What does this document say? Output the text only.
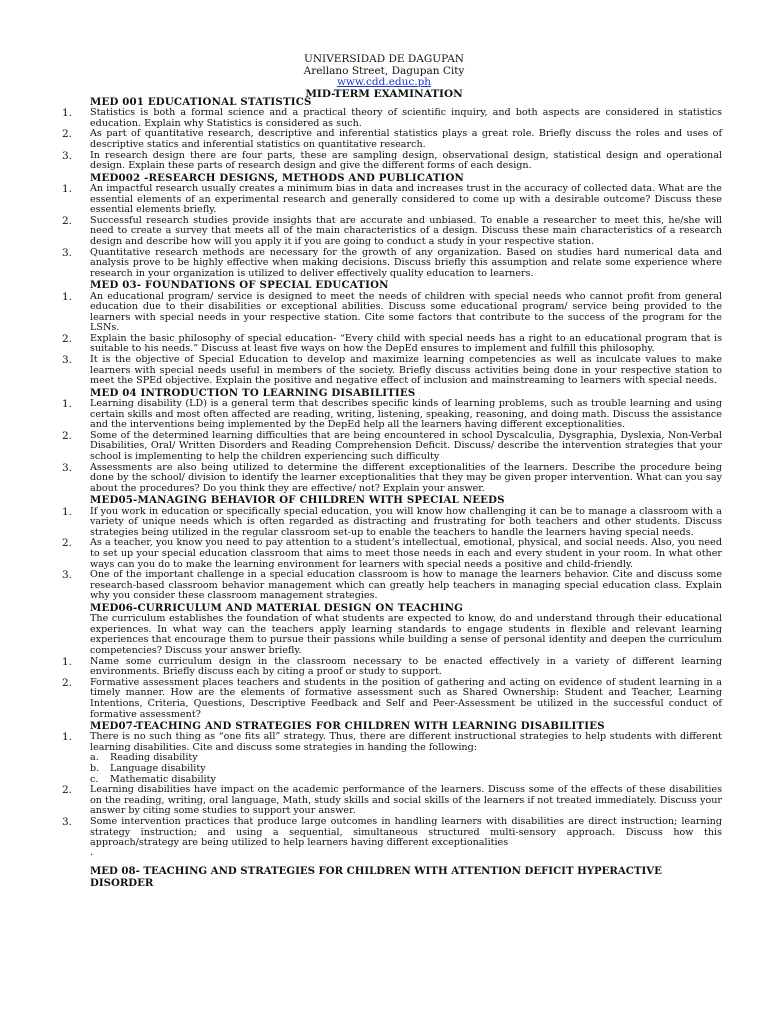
UNIVERSIDAD DE DAGUPAN
Arellano Street, Dagupan City
www.cdd.educ.ph
MID-TERM EXAMINATION
MED 001 EDUCATIONAL STATISTICS
1.	Statistics is both a formal science and a practical theory of scientific inquiry, and both aspects are considered in statistics education. Explain why Statistics is considered as such.
2.	As part of quantitative research, descriptive and inferential statistics plays a great role. Briefly discuss the roles and uses of descriptive statics and inferential statistics on quantitative research.
3.	In research design there are four parts, these are sampling design, observational design, statistical design and operational design. Explain these parts of research design and give the different forms of each design.
MED002 -RESEARCH DESIGNS, METHODS AND PUBLICATION
1.	An impactful research usually creates a minimum bias in data and increases trust in the accuracy of collected data. What are the essential elements of an experimental research and generally considered to come up with a desirable outcome? Discuss these essential elements briefly.
2.	Successful research studies provide insights that are accurate and unbiased. To enable a researcher to meet this, he/she will need to create a survey that meets all of the main characteristics of a design. Discuss these main characteristics of a research design and describe how will you apply it if you are going to conduct a study in your respective station.
3.	Quantitative research methods are necessary for the growth of any organization. Based on studies hard numerical data and analysis prove to be highly effective when making decisions. Discuss briefly this assumption and relate some experience where research in your organization is utilized to deliver effectively quality education to learners.
MED 03- FOUNDATIONS OF SPECIAL EDUCATION
1.	An educational program/ service is designed to meet the needs of children with special needs who cannot profit from general education due to their disabilities or exceptional abilities. Discuss some educational program/ service being provided to the learners with special needs in your respective station. Cite some factors that contribute to the success of the program for the LSNs.
2.	Explain the basic philosophy of special education- “Every child with special needs has a right to an educational program that is suitable to his needs.” Discuss at least five ways on how the DepEd ensures to implement and fulfill this philosophy.
3.	It is the objective of Special Education to develop and maximize learning competencies as well as inculcate values to make learners with special needs useful in members of the society. Briefly discuss activities being done in your respective station to meet the SPEd objective. Explain the positive and negative effect of inclusion and mainstreaming to learners with special needs.
MED 04 INTRODUCTION TO LEARNING DISABILITIES
1.	Learning disability (LD) is a general term that describes specific kinds of learning problems, such as trouble learning and using certain skills and most often affected are reading, writing, listening, speaking, reasoning, and doing math. Discuss the assistance and the interventions being implemented by the DepEd help all the learners having different exceptionalities.
2.	Some of the determined learning difficulties that are being encountered in school Dyscalculia, Dysgraphia, Dyslexia, Non-Verbal Disabilities, Oral/ Written Disorders and Reading Comprehension Deficit. Discuss/ describe the intervention strategies that your school is implementing to help the children experiencing such difficulty
3.	Assessments are also being utilized to determine the different exceptionalities of the learners. Describe the procedure being done by the school/ division to identify the learner exceptionalities that they may be given proper intervention. What can you say about the procedures? Do you think they are effective/ not? Explain your answer.
MED05-MANAGING BEHAVIOR OF CHILDREN WITH SPECIAL NEEDS
1.	If you work in education or specifically special education, you will know how challenging it can be to manage a classroom with a variety of unique needs which is often regarded as distracting and frustrating for both teachers and other students. Discuss strategies being utilized in the regular classroom set-up to enable the teachers to handle the learners having special needs.
2.	As a teacher, you know you need to pay attention to a student’s intellectual, emotional, physical, and social needs. Also, you need to set up your special education classroom that aims to meet those needs in each and every student in your room. In what other ways can you do to make the learning environment for learners with special needs a positive and child-friendly.
3.	One of the important challenge in a special education classroom is how to manage the learners behavior. Cite and discuss some research-based classroom behavior management which can greatly help teachers in managing special education class. Explain why you consider these classroom management strategies.
MED06-CURRICULUM AND MATERIAL DESIGN ON TEACHING
The curriculum establishes the foundation of what students are expected to know, do and understand through their educational experiences. In what way can the teachers apply learning standards to engage students in flexible and relevant learning experiences that encourage them to pursue their passions while building a sense of personal identity and deepen the curriculum competencies? Discuss your answer briefly.
1.	Name some curriculum design in the classroom necessary to be enacted effectively in a variety of different learning environments. Briefly discuss each by citing a proof or study to support.
2.	Formative assessment places teachers and students in the position of gathering and acting on evidence of student learning in a timely manner. How are the elements of formative assessment such as Shared Ownership: Student and Teacher, Learning Intentions, Criteria, Questions, Descriptive Feedback and Self and Peer-Assessment be utilized in the successful conduct of formative assessment?
MED07-TEACHING AND STRATEGIES FOR CHILDREN WITH LEARNING DISABILITIES
1.	There is no such thing as “one fits all” strategy. Thus, there are different instructional strategies to help students with different learning disabilities. Cite and discuss some strategies in handing the following:
a. Reading disability
b. Language disability
c. Mathematic disability
2.	Learning disabilities have impact on the academic performance of the learners. Discuss some of the effects of these disabilities on the reading, writing, oral language, Math, study skills and social skills of the learners if not treated immediately. Discuss your answer by citing some studies to support your answer.
3.	Some intervention practices that produce large outcomes in handling learners with disabilities are direct instruction; learning strategy instruction; and using a sequential, simultaneous structured multi-sensory approach. Discuss how this approach/strategy are being utilized to help learners having different exceptionalities
.
MED 08- TEACHING AND STRATEGIES FOR CHILDREN WITH ATTENTION DEFICIT HYPERACTIVE DISORDER
